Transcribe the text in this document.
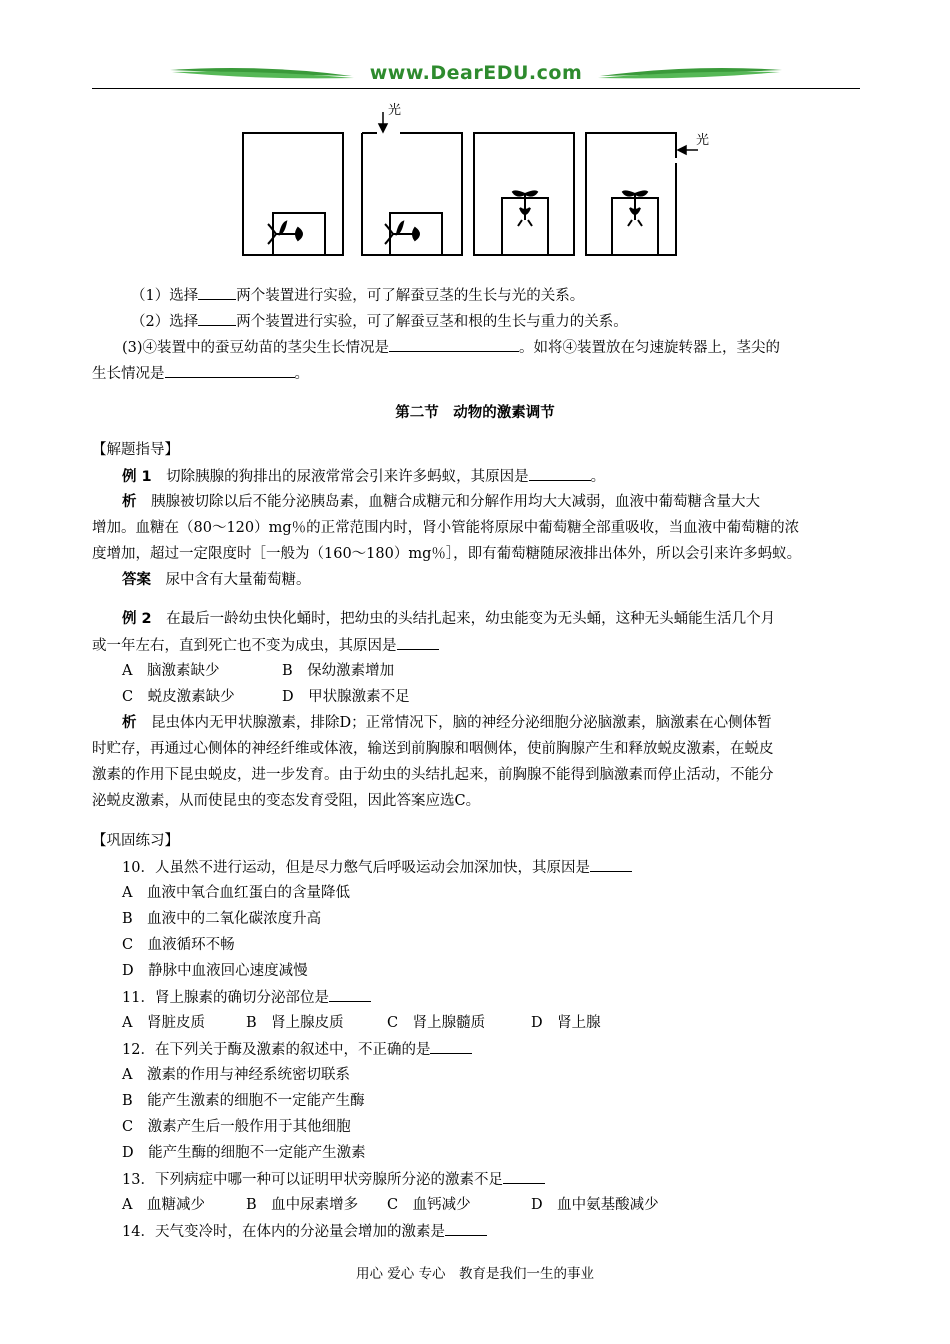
www.DearEDU.com
光
光
（1）选择	两个装置进行实验，可了解蚕豆茎的生长与光的关系。
（2）选择	两个装置进行实验，可了解蚕豆茎和根的生长与重力的关系。
(3)④装置中的蚕豆幼苗的茎尖生长情况是	。如将④装置放在匀速旋转器上，茎尖的
生长情况是	。
第二节　动物的激素调节
【解题指导】
例 1　切除胰腺的狗排出的尿液常常会引来许多蚂蚁，其原因是	。
析　胰腺被切除以后不能分泌胰岛素，血糖合成糖元和分解作用均大大减弱，血液中葡萄糖含量大大
增加。血糖在（80～120）mg％的正常范围内时，肾小管能将原尿中葡萄糖全部重吸收，当血液中葡萄糖的浓
度增加，超过一定限度时［一般为（160～180）mg％］，即有葡萄糖随尿液排出体外，所以会引来许多蚂蚁。
答案　尿中含有大量葡萄糖。
例 2　在最后一龄幼虫快化蛹时，把幼虫的头结扎起来，幼虫能变为无头蛹，这种无头蛹能生活几个月
或一年左右，直到死亡也不变为成虫，其原因是
A　脑激素缺少	B　保幼激素增加
C　蜕皮激素缺少	D　甲状腺激素不足
析　昆虫体内无甲状腺激素，排除D；正常情况下，脑的神经分泌细胞分泌脑激素，脑激素在心侧体暂
时贮存，再通过心侧体的神经纤维或体液，输送到前胸腺和咽侧体，使前胸腺产生和释放蜕皮激素，在蜕皮
激素的作用下昆虫蜕皮，进一步发育。由于幼虫的头结扎起来，前胸腺不能得到脑激素而停止活动，不能分
泌蜕皮激素，从而使昆虫的变态发育受阻，因此答案应选C。
【巩固练习】
10．人虽然不进行运动，但是尽力憋气后呼吸运动会加深加快，其原因是
A　血液中氧合血红蛋白的含量降低
B　血液中的二氧化碳浓度升高
C　血液循环不畅
D　静脉中血液回心速度减慢
11．肾上腺素的确切分泌部位是
A　肾脏皮质	B　肾上腺皮质	C　肾上腺髓质	D　肾上腺
12．在下列关于酶及激素的叙述中，不正确的是
A　激素的作用与神经系统密切联系
B　能产生激素的细胞不一定能产生酶
C　激素产生后一般作用于其他细胞
D　能产生酶的细胞不一定能产生激素
13．下列病症中哪一种可以证明甲状旁腺所分泌的激素不足
A　血糖减少	B　血中尿素增多 C　血钙减少	D　血中氨基酸减少
14．天气变冷时，在体内的分泌量会增加的激素是
用心 爱心 专心　教育是我们一生的事业
